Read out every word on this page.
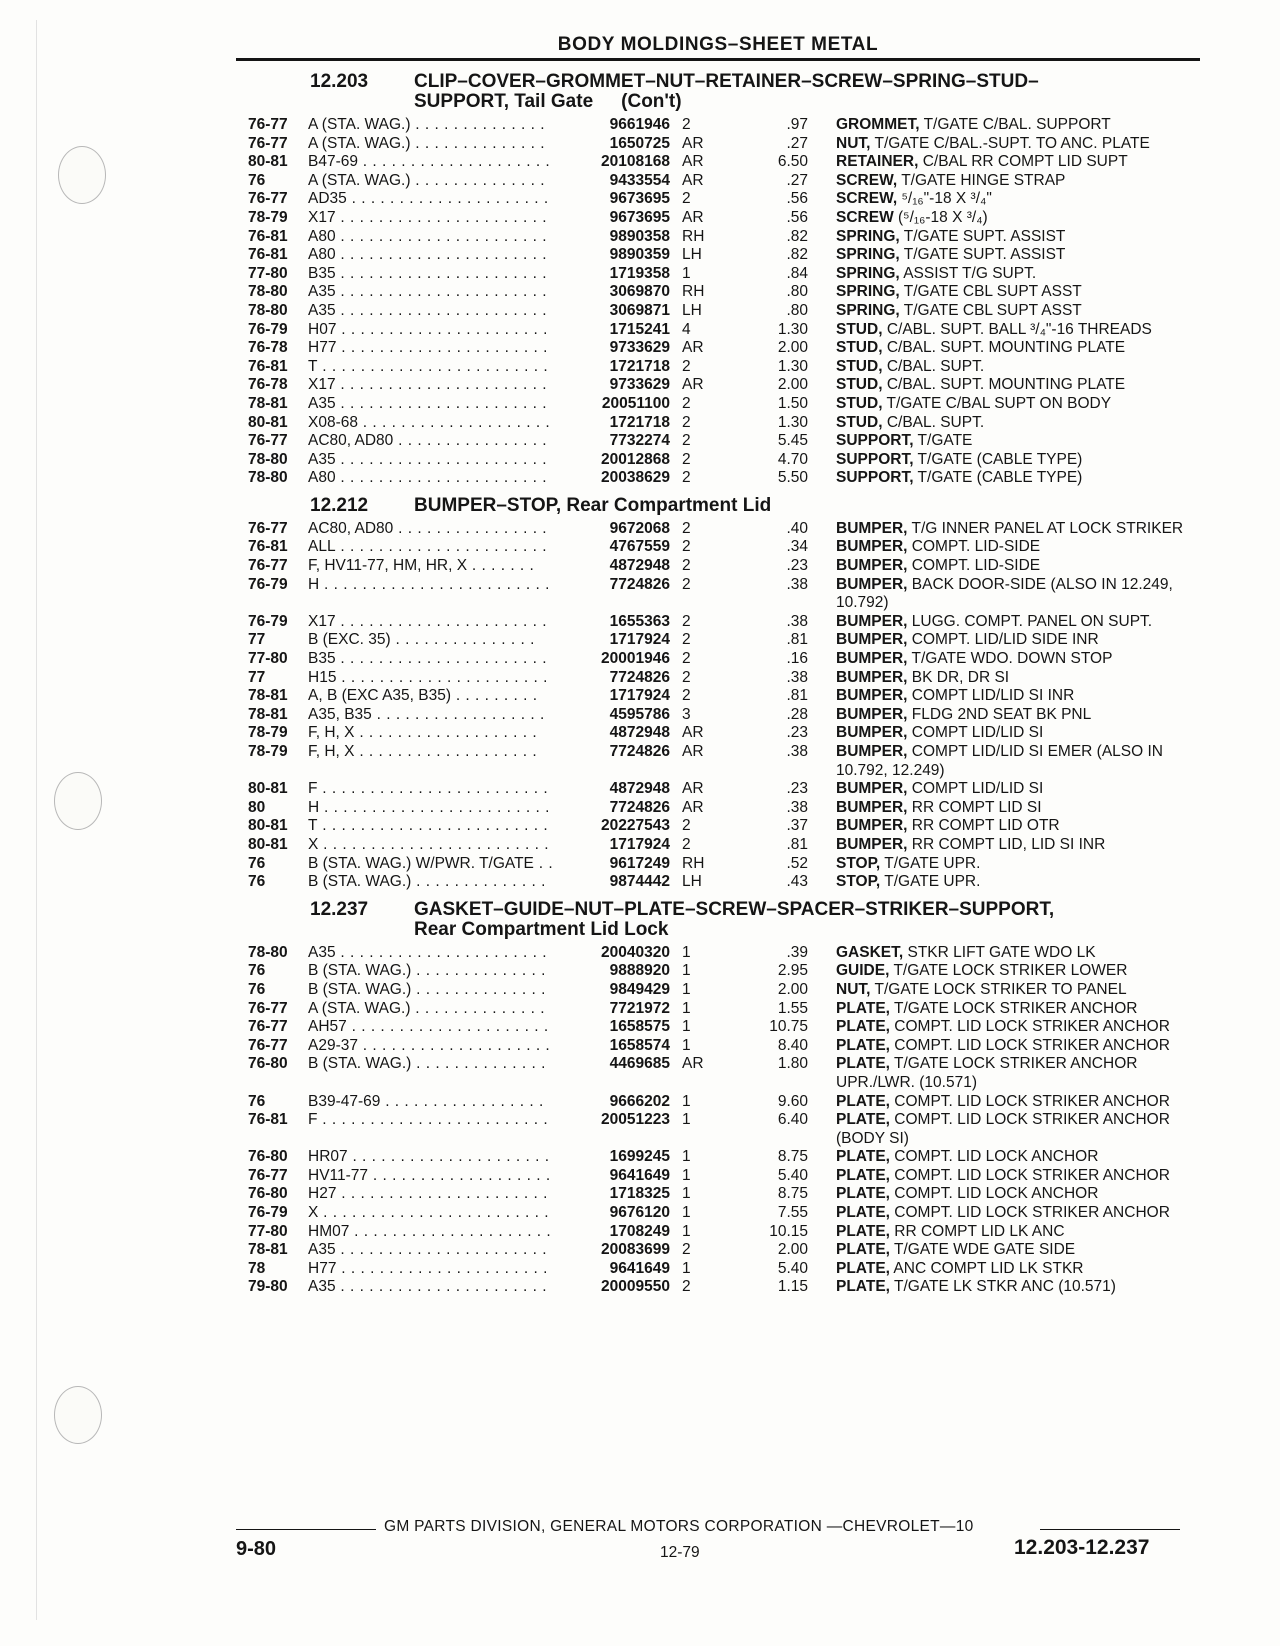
BODY MOLDINGS–SHEET METAL
12.203	CLIP–COVER–GROMMET–NUT–RETAINER–SCREW–SPRING–STUD–
SUPPORT, Tail Gate (Con't)
76-77	A (STA. WAG.) . . . . . . . . . . . . . .	9661946 2	.97	GROMMET, T/GATE C/BAL. SUPPORT
76-77	A (STA. WAG.) . . . . . . . . . . . . . .	1650725 AR	.27	NUT, T/GATE C/BAL.-SUPT. TO ANC. PLATE
80-81	B47-69 . . . . . . . . . . . . . . . . . . . .	20108168 AR	6.50	RETAINER, C/BAL RR COMPT LID SUPT
76	A (STA. WAG.) . . . . . . . . . . . . . .	9433554 AR	.27	SCREW, T/GATE HINGE STRAP
76-77	AD35 . . . . . . . . . . . . . . . . . . . . .	9673695 2	.56	SCREW, ⁵/₁₆"-18 X ³/₄"
78-79	X17 . . . . . . . . . . . . . . . . . . . . . .	9673695 AR	.56	SCREW (⁵/₁₆-18 X ³/₄)
76-81	A80 . . . . . . . . . . . . . . . . . . . . . .	9890358 RH	.82	SPRING, T/GATE SUPT. ASSIST
76-81	A80 . . . . . . . . . . . . . . . . . . . . . .	9890359 LH	.82	SPRING, T/GATE SUPT. ASSIST
77-80	B35 . . . . . . . . . . . . . . . . . . . . . .	1719358 1	.84	SPRING, ASSIST T/G SUPT.
78-80	A35 . . . . . . . . . . . . . . . . . . . . . .	3069870 RH	.80	SPRING, T/GATE CBL SUPT ASST
78-80	A35 . . . . . . . . . . . . . . . . . . . . . .	3069871 LH	.80	SPRING, T/GATE CBL SUPT ASST
76-79	H07 . . . . . . . . . . . . . . . . . . . . . .	1715241 4	1.30	STUD, C/ABL. SUPT. BALL ³/₄"-16 THREADS
76-78	H77 . . . . . . . . . . . . . . . . . . . . . .	9733629 AR	2.00	STUD, C/BAL. SUPT. MOUNTING PLATE
76-81	T . . . . . . . . . . . . . . . . . . . . . . . .	1721718 2	1.30	STUD, C/BAL. SUPT.
76-78	X17 . . . . . . . . . . . . . . . . . . . . . .	9733629 AR	2.00	STUD, C/BAL. SUPT. MOUNTING PLATE
78-81	A35 . . . . . . . . . . . . . . . . . . . . . .	20051100 2	1.50	STUD, T/GATE C/BAL SUPT ON BODY
80-81	X08-68 . . . . . . . . . . . . . . . . . . . .	1721718 2	1.30	STUD, C/BAL. SUPT.
76-77	AC80, AD80 . . . . . . . . . . . . . . . .	7732274 2	5.45	SUPPORT, T/GATE
78-80	A35 . . . . . . . . . . . . . . . . . . . . . .	20012868 2	4.70	SUPPORT, T/GATE (CABLE TYPE)
78-80	A80 . . . . . . . . . . . . . . . . . . . . . .	20038629 2	5.50	SUPPORT, T/GATE (CABLE TYPE)
12.212	BUMPER–STOP, Rear Compartment Lid
76-77	AC80, AD80 . . . . . . . . . . . . . . . .	9672068 2	.40	BUMPER, T/G INNER PANEL AT LOCK STRIKER
76-81	ALL . . . . . . . . . . . . . . . . . . . . . .	4767559 2	.34	BUMPER, COMPT. LID-SIDE
76-77	F, HV11-77, HM, HR, X . . . . . . .	4872948 2	.23	BUMPER, COMPT. LID-SIDE
76-79	H . . . . . . . . . . . . . . . . . . . . . . . .	7724826 2	.38	BUMPER, BACK DOOR-SIDE (ALSO IN 12.249, 10.792)
76-79	X17 . . . . . . . . . . . . . . . . . . . . . .	1655363 2	.38	BUMPER, LUGG. COMPT. PANEL ON SUPT.
77	B (EXC. 35) . . . . . . . . . . . . . . .	1717924 2	.81	BUMPER, COMPT. LID/LID SIDE INR
77-80	B35 . . . . . . . . . . . . . . . . . . . . . .	20001946 2	.16	BUMPER, T/GATE WDO. DOWN STOP
77	H15 . . . . . . . . . . . . . . . . . . . . . .	7724826 2	.38	BUMPER, BK DR, DR SI
78-81	A, B (EXC A35, B35) . . . . . . . . .	1717924 2	.81	BUMPER, COMPT LID/LID SI INR
78-81	A35, B35 . . . . . . . . . . . . . . . . . .	4595786 3	.28	BUMPER, FLDG 2ND SEAT BK PNL
78-79	F, H, X . . . . . . . . . . . . . . . . . . .	4872948 AR	.23	BUMPER, COMPT LID/LID SI
78-79	F, H, X . . . . . . . . . . . . . . . . . . .	7724826 AR	.38	BUMPER, COMPT LID/LID SI EMER (ALSO IN 10.792, 12.249)
80-81	F . . . . . . . . . . . . . . . . . . . . . . . .	4872948 AR	.23	BUMPER, COMPT LID/LID SI
80	H . . . . . . . . . . . . . . . . . . . . . . . .	7724826 AR	.38	BUMPER, RR COMPT LID SI
80-81	T . . . . . . . . . . . . . . . . . . . . . . . .	20227543 2	.37	BUMPER, RR COMPT LID OTR
80-81	X . . . . . . . . . . . . . . . . . . . . . . . .	1717924 2	.81	BUMPER, RR COMPT LID, LID SI INR
76	B (STA. WAG.) W/PWR. T/GATE . .	9617249 RH	.52	STOP, T/GATE UPR.
76	B (STA. WAG.) . . . . . . . . . . . . . .	9874442 LH	.43	STOP, T/GATE UPR.
12.237	GASKET–GUIDE–NUT–PLATE–SCREW–SPACER–STRIKER–SUPPORT,
Rear Compartment Lid Lock
78-80	A35 . . . . . . . . . . . . . . . . . . . . . .	20040320 1	.39	GASKET, STKR LIFT GATE WDO LK
76	B (STA. WAG.) . . . . . . . . . . . . . .	9888920 1	2.95	GUIDE, T/GATE LOCK STRIKER LOWER
76	B (STA. WAG.) . . . . . . . . . . . . . .	9849429 1	2.00	NUT, T/GATE LOCK STRIKER TO PANEL
76-77	A (STA. WAG.) . . . . . . . . . . . . . .	7721972 1	1.55	PLATE, T/GATE LOCK STRIKER ANCHOR
76-77	AH57 . . . . . . . . . . . . . . . . . . . . .	1658575 1	10.75	PLATE, COMPT. LID LOCK STRIKER ANCHOR
76-77	A29-37 . . . . . . . . . . . . . . . . . . . .	1658574 1	8.40	PLATE, COMPT. LID LOCK STRIKER ANCHOR
76-80	B (STA. WAG.) . . . . . . . . . . . . . .	4469685 AR	1.80	PLATE, T/GATE LOCK STRIKER ANCHOR UPR./LWR. (10.571)
76	B39-47-69 . . . . . . . . . . . . . . . . .	9666202 1	9.60	PLATE, COMPT. LID LOCK STRIKER ANCHOR
76-81	F . . . . . . . . . . . . . . . . . . . . . . . .	20051223 1	6.40	PLATE, COMPT. LID LOCK STRIKER ANCHOR (BODY SI)
76-80	HR07 . . . . . . . . . . . . . . . . . . . . .	1699245 1	8.75	PLATE, COMPT. LID LOCK ANCHOR
76-77	HV11-77 . . . . . . . . . . . . . . . . . . .	9641649 1	5.40	PLATE, COMPT. LID LOCK STRIKER ANCHOR
76-80	H27 . . . . . . . . . . . . . . . . . . . . . .	1718325 1	8.75	PLATE, COMPT. LID LOCK ANCHOR
76-79	X . . . . . . . . . . . . . . . . . . . . . . . .	9676120 1	7.55	PLATE, COMPT. LID LOCK STRIKER ANCHOR
77-80	HM07 . . . . . . . . . . . . . . . . . . . . .	1708249 1	10.15	PLATE, RR COMPT LID LK ANC
78-81	A35 . . . . . . . . . . . . . . . . . . . . . .	20083699 2	2.00	PLATE, T/GATE WDE GATE SIDE
78	H77 . . . . . . . . . . . . . . . . . . . . . .	9641649 1	5.40	PLATE, ANC COMPT LID LK STKR
79-80	A35 . . . . . . . . . . . . . . . . . . . . . .	20009550 2	1.15	PLATE, T/GATE LK STKR ANC (10.571)
GM PARTS DIVISION, GENERAL MOTORS CORPORATION —CHEVROLET—10
9-80	12-79	12.203-12.237
